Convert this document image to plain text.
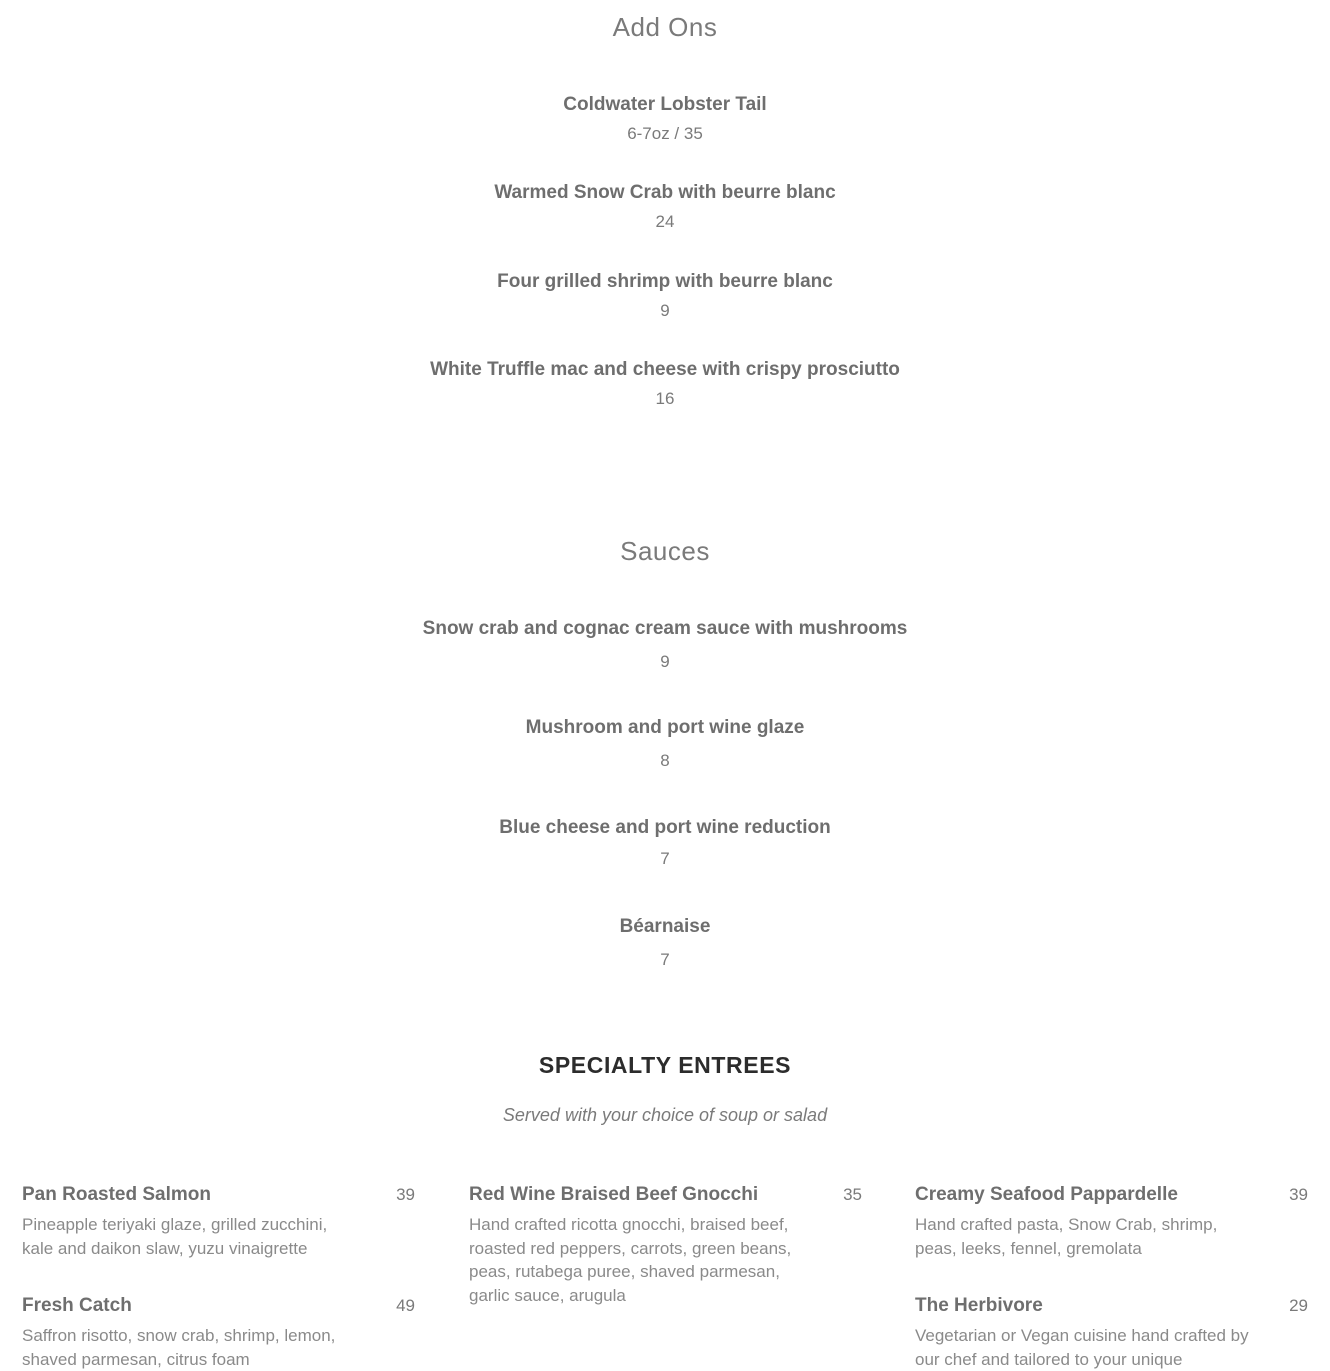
Add Ons
Coldwater Lobster Tail
6-7oz / 35
Warmed Snow Crab with beurre blanc
24
Four grilled shrimp with beurre blanc
9
White Truffle mac and cheese with crispy prosciutto
16
Sauces
Snow crab and cognac cream sauce with mushrooms
9
Mushroom and port wine glaze
8
Blue cheese and port wine reduction
7
Béarnaise
7
SPECIALTY ENTREES
Served with your choice of soup or salad
Pan Roasted Salmon	39
Pineapple teriyaki glaze, grilled zucchini, kale and daikon slaw, yuzu vinaigrette
Red Wine Braised Beef Gnocchi	35
Hand crafted ricotta gnocchi, braised beef, roasted red peppers, carrots, green beans, peas, rutabega puree, shaved parmesan, garlic sauce, arugula
Creamy Seafood Pappardelle	39
Hand crafted pasta, Snow Crab, shrimp, peas, leeks, fennel, gremolata
Fresh Catch	49
Saffron risotto, snow crab, shrimp, lemon, shaved parmesan, citrus foam
The Herbivore	29
Vegetarian or Vegan cuisine hand crafted by our chef and tailored to your unique
